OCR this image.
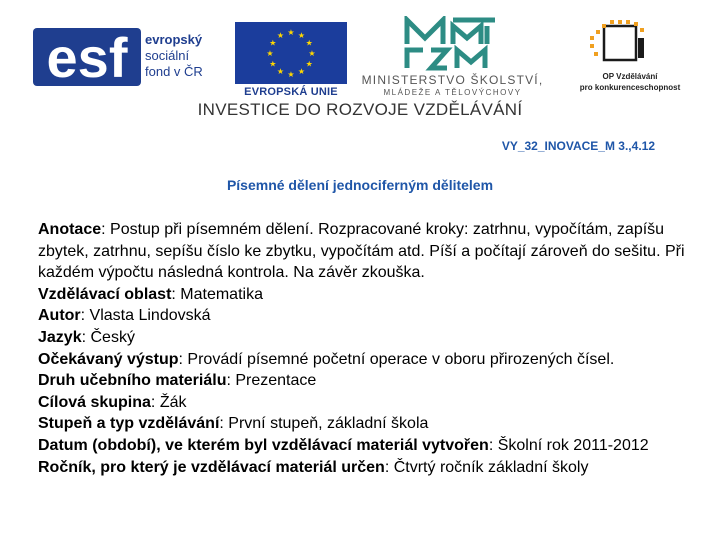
esf evropský
sociální
fond v ČR
★ ★
★
★
★
★
★
★
★
★
★
★
EVROPSKÁ UNIE
MINISTERSTVO ŠKOLSTVÍ,
MLÁDEŽE A TĚLOVÝCHOVY
OP Vzdělávání
pro konkurenceschopnost
INVESTICE DO ROZVOJE VZDĚLÁVÁNÍ
VY_32_INOVACE_M 3.,4.12
Písemné dělení jednociferným dělitelem

Anotace: Postup při písemném dělení. Rozpracované kroky: zatrhnu, vypočítám, zapíšu zbytek, zatrhnu, sepíšu číslo ke zbytku, vypočítám atd. Píší a počítají zároveň do sešitu. Při každém výpočtu následná kontrola. Na závěr zkouška.

Vzdělávací oblast: Matematika

Autor: Vlasta Lindovská

Jazyk: Český

Očekávaný výstup: Provádí písemné početní operace v oboru přirozených čísel.

Druh učebního materiálu: Prezentace

Cílová skupina: Žák

Stupeň a typ vzdělávání: První stupeň, základní škola

Datum (období), ve kterém byl vzdělávací materiál vytvořen: Školní rok 2011-2012

Ročník, pro který je vzdělávací materiál určen: Čtvrtý ročník základní školy
